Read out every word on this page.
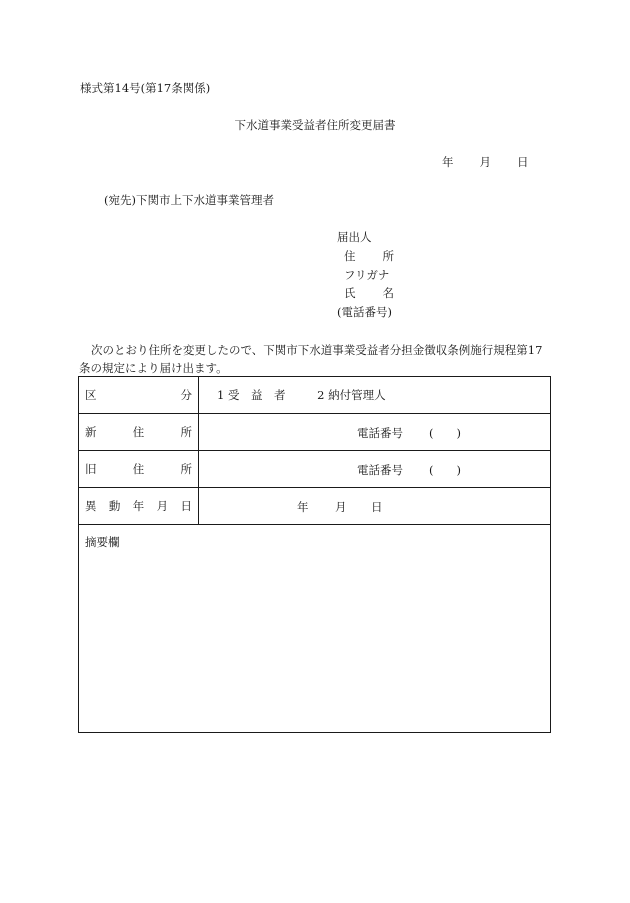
様式第14号(第17条関係)
下水道事業受益者住所変更届書
年 月 日
(宛先)下関市上下水道事業管理者
届出人
住所
フリガナ
氏名
(電話番号)
次のとおり住所を変更したので、下関市下水道事業受益者分担金徴収条例施行規程第17条の規定により届け出ます。
区 分	1 受　益　者 2 納付管理人

新 住 所	電話番号 (　　)

旧 住 所	電話番号 (　　)

異 動 年 月 日	年 月 日

摘要欄	
